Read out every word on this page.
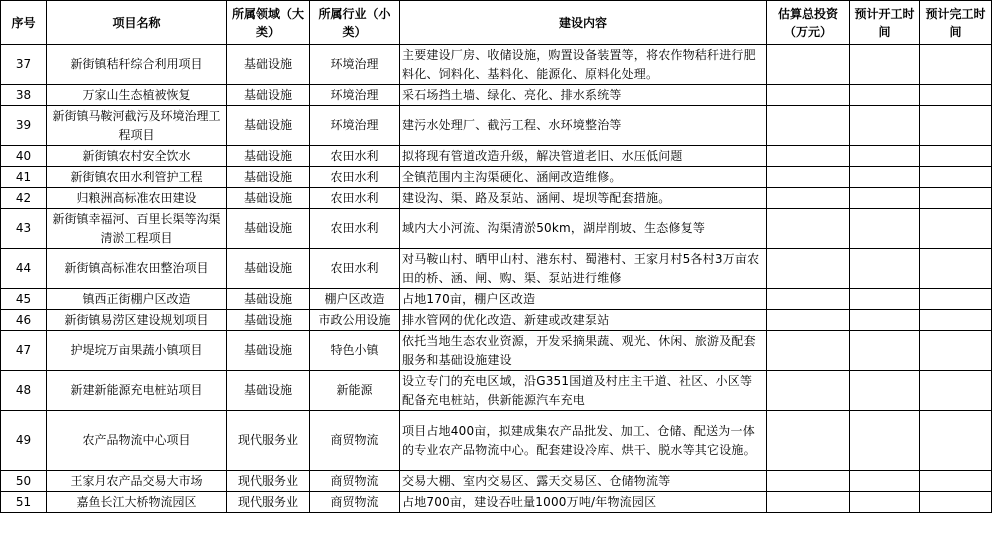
序号	项目名称	所属领域（大类）	所属行业（小类）	建设内容	估算总投资（万元）	预计开工时间	预计完工时间
37	新街镇秸秆综合利用项目	基础设施	环境治理	主要建设厂房、收储设施，购置设备装置等，将农作物秸秆进行肥料化、饲料化、基料化、能源化、原料化处理。			
38	万家山生态植被恢复	基础设施	环境治理	采石场挡土墙、绿化、亮化、排水系统等			
39	新街镇马鞍河截污及环境治理工程项目	基础设施	环境治理	建污水处理厂、截污工程、水环境整治等			
40	新街镇农村安全饮水	基础设施	农田水利	拟将现有管道改造升级，解决管道老旧、水压低问题			
41	新街镇农田水利管护工程	基础设施	农田水利	全镇范围内主沟渠硬化、涵闸改造维修。			
42	归粮洲高标准农田建设	基础设施	农田水利	建设沟、渠、路及泵站、涵闸、堤坝等配套措施。			
43	新街镇幸福河、百里长渠等沟渠清淤工程项目	基础设施	农田水利	域内大小河流、沟渠清淤50km，湖岸削坡、生态修复等			
44	新街镇高标准农田整治项目	基础设施	农田水利	对马鞍山村、晒甲山村、港东村、蜀港村、王家月村5各村3万亩农田的桥、涵、闸、购、渠、泵站进行维修			
45	镇西正街棚户区改造	基础设施	棚户区改造	占地170亩，棚户区改造			
46	新街镇易涝区建设规划项目	基础设施	市政公用设施	排水管网的优化改造、新建或改建泵站			
47	护堤垸万亩果蔬小镇项目	基础设施	特色小镇	依托当地生态农业资源，开发采摘果蔬、观光、休闲、旅游及配套服务和基础设施建设			
48	新建新能源充电桩站项目	基础设施	新能源	设立专门的充电区域，沿G351国道及村庄主干道、社区、小区等配备充电桩站，供新能源汽车充电			
49	农产品物流中心项目	现代服务业	商贸物流	项目占地400亩，拟建成集农产品批发、加工、仓储、配送为一体的专业农产品物流中心。配套建设冷库、烘干、脱水等其它设施。			
50	王家月农产品交易大市场	现代服务业	商贸物流	交易大棚、室内交易区、露天交易区、仓储物流等			
51	嘉鱼长江大桥物流园区	现代服务业	商贸物流	占地700亩，建设吞吐量1000万吨/年物流园区			
